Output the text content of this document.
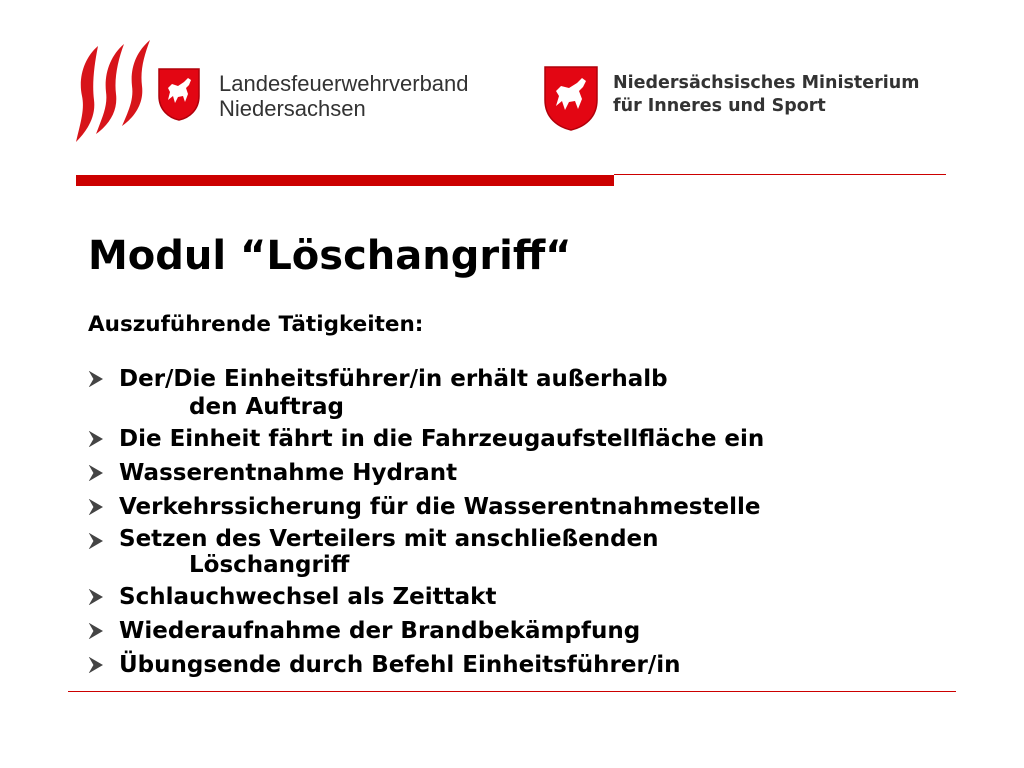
Landesfeuerwehrverband
Niedersachsen
Niedersächsisches Ministerium
für Inneres und Sport
Modul “Löschangriff“
Auszuführende Tätigkeiten:
Der/Die Einheitsführer/in erhält außerhalb
den Auftrag
Die Einheit fährt in die Fahrzeugaufstellfläche ein
Wasserentnahme Hydrant
Verkehrssicherung für die Wasserentnahmestelle
Setzen des Verteilers mit anschließenden
Löschangriff
Schlauchwechsel als Zeittakt
Wiederaufnahme der Brandbekämpfung
Übungsende durch Befehl Einheitsführer/in
